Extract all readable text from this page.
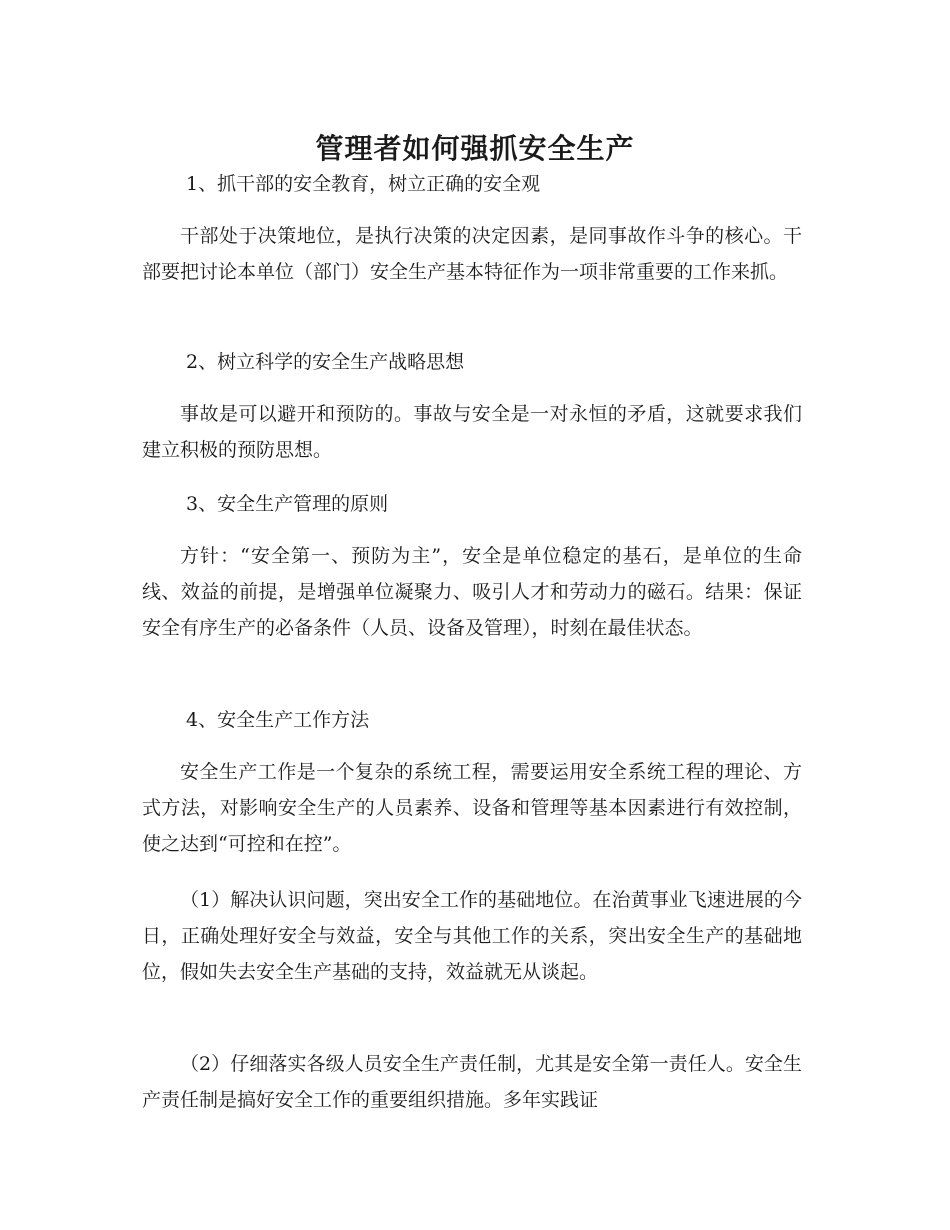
管理者如何强抓安全生产

1、抓干部的安全教育，树立正确的安全观

干部处于决策地位，是执行决策的决定因素，是同事故作斗争的核心。干部要把讨论本单位（部门）安全生产基本特征作为一项非常重要的工作来抓。

2、树立科学的安全生产战略思想

事故是可以避开和预防的。事故与安全是一对永恒的矛盾，这就要求我们建立积极的预防思想。

3、安全生产管理的原则

方针：“安全第一、预防为主”，安全是单位稳定的基石，是单位的生命线、效益的前提，是增强单位凝聚力、吸引人才和劳动力的磁石。结果：保证安全有序生产的必备条件（人员、设备及管理），时刻在最佳状态。

4、安全生产工作方法

安全生产工作是一个复杂的系统工程，需要运用安全系统工程的理论、方式方法，对影响安全生产的人员素养、设备和管理等基本因素进行有效控制，使之达到“可控和在控”。

（1）解决认识问题，突出安全工作的基础地位。在治黄事业飞速进展的今日，正确处理好安全与效益，安全与其他工作的关系，突出安全生产的基础地位，假如失去安全生产基础的支持，效益就无从谈起。

（2）仔细落实各级人员安全生产责任制，尤其是安全第一责任人。安全生产责任制是搞好安全工作的重要组织措施。多年实践证
